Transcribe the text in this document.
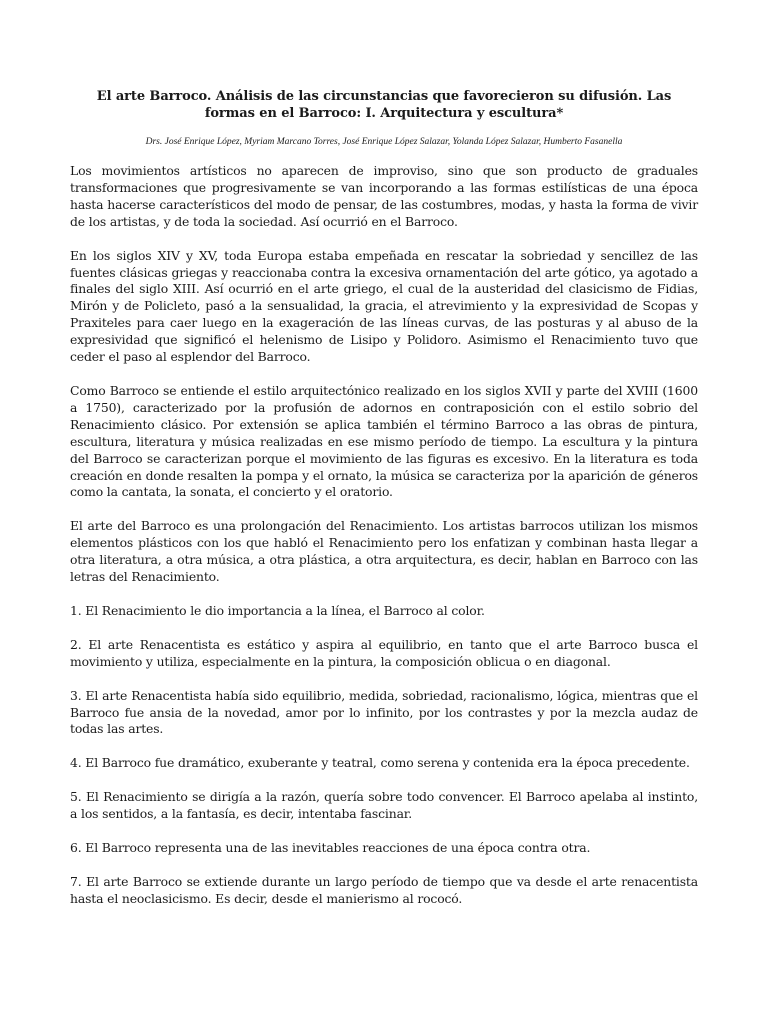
El arte Barroco. Análisis de las circunstancias que favorecieron su difusión. Las formas en el Barroco: I. Arquitectura y escultura*
Drs. José Enrique López, Myriam Marcano Torres, José Enrique López Salazar, Yolanda López Salazar, Humberto Fasanella

Los movimientos artísticos no aparecen de improviso, sino que son producto de graduales transformaciones que progresivamente se van incorporando a las formas estilísticas de una época hasta hacerse característicos del modo de pensar, de las costumbres, modas, y hasta la forma de vivir de los artistas, y de toda la sociedad. Así ocurrió en el Barroco.

En los siglos XIV y XV, toda Europa estaba empeñada en rescatar la sobriedad y sencillez de las fuentes clásicas griegas y reaccionaba contra la excesiva ornamentación del arte gótico, ya agotado a finales del siglo XIII. Así ocurrió en el arte griego, el cual de la austeridad del clasicismo de Fidias, Mirón y de Policleto, pasó a la sensualidad, la gracia, el atrevimiento y la expresividad de Scopas y Praxiteles para caer luego en la exageración de las líneas curvas, de las posturas y al abuso de la expresividad que significó el helenismo de Lisipo y Polidoro. Asimismo el Renacimiento tuvo que ceder el paso al esplendor del Barroco.

Como Barroco se entiende el estilo arquitectónico realizado en los siglos XVII y parte del XVIII (1600 a 1750), caracterizado por la profusión de adornos en contraposición con el estilo sobrio del Renacimiento clásico. Por extensión se aplica también el término Barroco a las obras de pintura, escultura, literatura y música realizadas en ese mismo período de tiempo. La escultura y la pintura del Barroco se caracterizan porque el movimiento de las figuras es excesivo. En la literatura es toda creación en donde resalten la pompa y el ornato, la música se caracteriza por la aparición de géneros como la cantata, la sonata, el concierto y el oratorio.

El arte del Barroco es una prolongación del Renacimiento. Los artistas barrocos utilizan los mismos elementos plásticos con los que habló el Renacimiento pero los enfatizan y combinan hasta llegar a otra literatura, a otra música, a otra plástica, a otra arquitectura, es decir, hablan en Barroco con las letras del Renacimiento.

1. El Renacimiento le dio importancia a la línea, el Barroco al color.

2. El arte Renacentista es estático y aspira al equilibrio, en tanto que el arte Barroco busca el movimiento y utiliza, especialmente en la pintura, la composición oblicua o en diagonal.

3. El arte Renacentista había sido equilibrio, medida, sobriedad, racionalismo, lógica, mientras que el Barroco fue ansia de la novedad, amor por lo infinito, por los contrastes y por la mezcla audaz de todas las artes.

4. El Barroco fue dramático, exuberante y teatral, como serena y contenida era la época precedente.

5. El Renacimiento se dirigía a la razón, quería sobre todo convencer. El Barroco apelaba al instinto, a los sentidos, a la fantasía, es decir, intentaba fascinar.

6. El Barroco representa una de las inevitables reacciones de una época contra otra.

7. El arte Barroco se extiende durante un largo período de tiempo que va desde el arte renacentista hasta el neoclasicismo. Es decir, desde el manierismo al rococó.
